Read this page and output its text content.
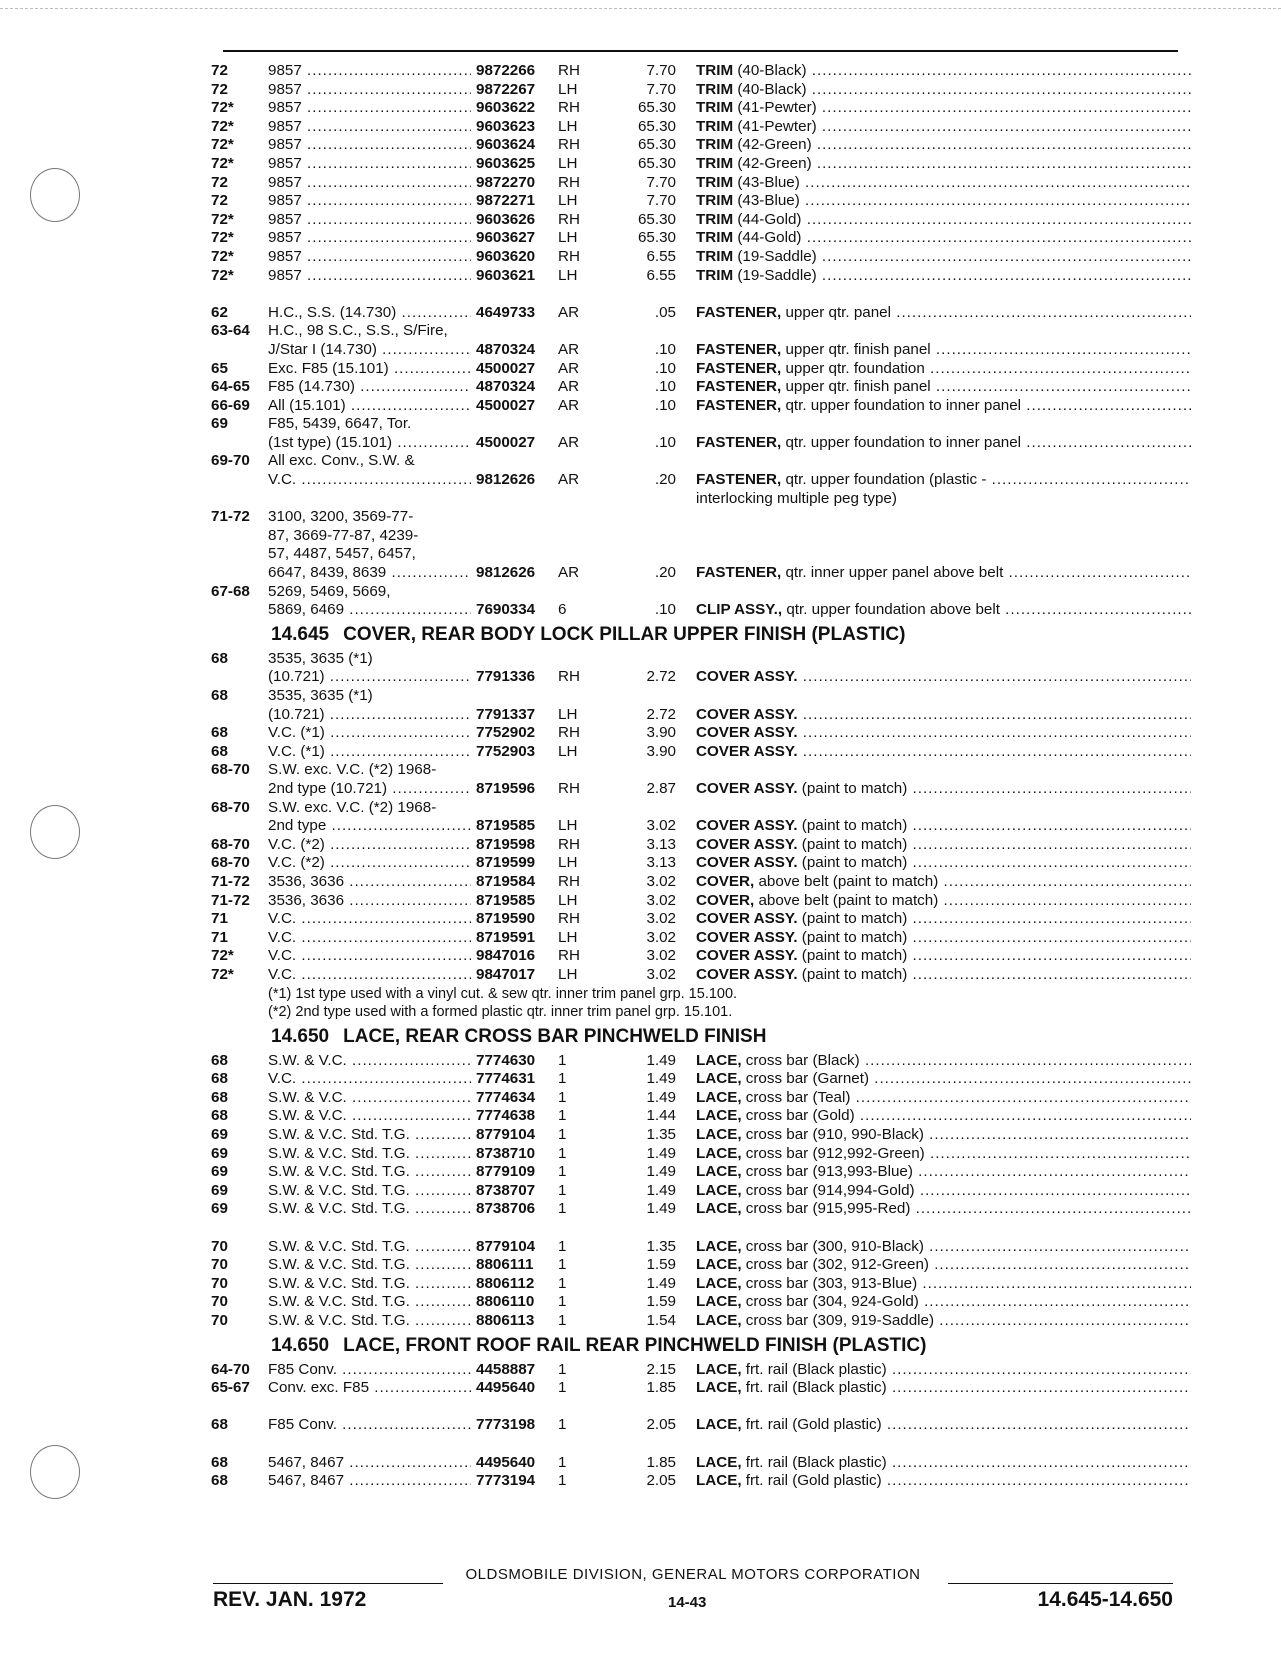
72	9857 .....	9872266 RH	7.70 TRIM (40-Black) .....
72	9857 .....	9872267 LH	7.70 TRIM (40-Black) .....
72*	9857 .....	9603622 RH	65.30 TRIM (41-Pewter) .....
72*	9857 .....	9603623 LH	65.30 TRIM (41-Pewter) .....
72*	9857 .....	9603624 RH	65.30 TRIM (42-Green) .....
72*	9857 .....	9603625 LH	65.30 TRIM (42-Green) .....
72	9857 .....	9872270 RH	7.70 TRIM (43-Blue) .....
72	9857 .....	9872271 LH	7.70 TRIM (43-Blue) .....
72*	9857 .....	9603626 RH	65.30 TRIM (44-Gold) .....
72*	9857 .....	9603627 LH	65.30 TRIM (44-Gold) .....
72*	9857 .....	9603620 RH	6.55 TRIM (19-Saddle) .....
72*	9857 .....	9603621 LH	6.55 TRIM (19-Saddle) .....
62	H.C., S.S. (14.730) .....	4649733 AR	.05 FASTENER, upper qtr. panel .....
63-64	H.C., 98 S.C., S.S., S/Fire,
J/Star I (14.730) .....	4870324 AR	.10 FASTENER, upper qtr. finish panel .....
65	Exc. F85 (15.101) .....	4500027 AR	.10 FASTENER, upper qtr. foundation .....
64-65	F85 (14.730) .....	4870324 AR	.10 FASTENER, upper qtr. finish panel .....
66-69	All (15.101) .....	4500027 AR	.10 FASTENER, qtr. upper foundation to inner panel .....
69	F85, 5439, 6647, Tor.
(1st type) (15.101) .....	4500027 AR	.10 FASTENER, qtr. upper foundation to inner panel .....
69-70	All exc. Conv., S.W. &
V.C. .....	9812626 AR	.20 FASTENER, qtr. upper foundation (plastic - .....
interlocking multiple peg type)
71-72	3100, 3200, 3569-77-
87, 3669-77-87, 4239-
57, 4487, 5457, 6457,
6647, 8439, 8639 .....	9812626 AR	.20 FASTENER, qtr. inner upper panel above belt .....
67-68	5269, 5469, 5669,
5869, 6469 .....	7690334 6	.10 CLIP ASSY., qtr. upper foundation above belt .....
14.645 COVER, REAR BODY LOCK PILLAR UPPER FINISH (PLASTIC)
68	3535, 3635 (*1)
(10.721) .....	7791336 RH	2.72 COVER ASSY. .....
68	3535, 3635 (*1)
(10.721) .....	7791337 LH	2.72 COVER ASSY. .....
68	V.C. (*1) .....	7752902 RH	3.90 COVER ASSY. .....
68	V.C. (*1) .....	7752903 LH	3.90 COVER ASSY. .....
68-70	S.W. exc. V.C. (*2) 1968-
2nd type (10.721) .....	8719596 RH	2.87 COVER ASSY. (paint to match) .....
68-70	S.W. exc. V.C. (*2) 1968-
2nd type .....	8719585 LH	3.02 COVER ASSY. (paint to match) .....
68-70	V.C. (*2) .....	8719598 RH	3.13 COVER ASSY. (paint to match) .....
68-70	V.C. (*2) .....	8719599 LH	3.13 COVER ASSY. (paint to match) .....
71-72	3536, 3636 .....	8719584 RH	3.02 COVER, above belt (paint to match) .....
71-72	3536, 3636 .....	8719585 LH	3.02 COVER, above belt (paint to match) .....
71	V.C. .....	8719590 RH	3.02 COVER ASSY. (paint to match) .....
71	V.C. .....	8719591 LH	3.02 COVER ASSY. (paint to match) .....
72*	V.C. .....	9847016 RH	3.02 COVER ASSY. (paint to match) .....
72*	V.C. .....	9847017 LH	3.02 COVER ASSY. (paint to match) .....
(*1) 1st type used with a vinyl cut. & sew qtr. inner trim panel grp. 15.100.
(*2) 2nd type used with a formed plastic qtr. inner trim panel grp. 15.101.
14.650 LACE, REAR CROSS BAR PINCHWELD FINISH
68	S.W. & V.C. .....	7774630 1	1.49 LACE, cross bar (Black) .....
68	V.C. .....	7774631 1	1.49 LACE, cross bar (Garnet) .....
68	S.W. & V.C. .....	7774634 1	1.49 LACE, cross bar (Teal) .....
68	S.W. & V.C. .....	7774638 1	1.44 LACE, cross bar (Gold) .....
69	S.W. & V.C. Std. T.G. .....	8779104 1	1.35 LACE, cross bar (910, 990-Black) .....
69	S.W. & V.C. Std. T.G. .....	8738710 1	1.49 LACE, cross bar (912,992-Green) .....
69	S.W. & V.C. Std. T.G. .....	8779109 1	1.49 LACE, cross bar (913,993-Blue) .....
69	S.W. & V.C. Std. T.G. .....	8738707 1	1.49 LACE, cross bar (914,994-Gold) .....
69	S.W. & V.C. Std. T.G. .....	8738706 1	1.49 LACE, cross bar (915,995-Red) .....
70	S.W. & V.C. Std. T.G. .....	8779104 1	1.35 LACE, cross bar (300, 910-Black) .....
70	S.W. & V.C. Std. T.G. .....	8806111 1	1.59 LACE, cross bar (302, 912-Green) .....
70	S.W. & V.C. Std. T.G. .....	8806112 1	1.49 LACE, cross bar (303, 913-Blue) .....
70	S.W. & V.C. Std. T.G. .....	8806110 1	1.59 LACE, cross bar (304, 924-Gold) .....
70	S.W. & V.C. Std. T.G. .....	8806113 1	1.54 LACE, cross bar (309, 919-Saddle) .....
14.650 LACE, FRONT ROOF RAIL REAR PINCHWELD FINISH (PLASTIC)
64-70	F85 Conv. .....	4458887 1	2.15 LACE, frt. rail (Black plastic) .....
65-67	Conv. exc. F85 .....	4495640 1	1.85 LACE, frt. rail (Black plastic) .....
68	F85 Conv. .....	7773198 1	2.05 LACE, frt. rail (Gold plastic) .....
68	5467, 8467 .....	4495640 1	1.85 LACE, frt. rail (Black plastic) .....
68	5467, 8467 .....	7773194 1	2.05 LACE, frt. rail (Gold plastic) .....
OLDSMOBILE DIVISION, GENERAL MOTORS CORPORATION
REV. JAN. 1972	14-43	14.645-14.650
